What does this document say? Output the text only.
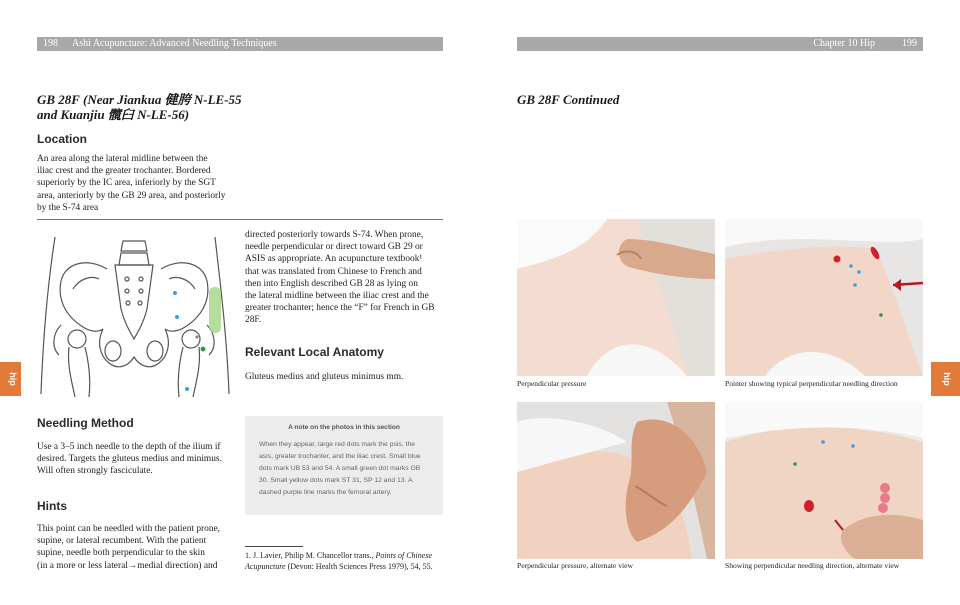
198 Ashi Acupuncture: Advanced Needling Techniques	Chapter 10 Hip	199
GB 28F (Near Jiankua 健胯 N-LE-55
and Kuanjiu 髖臼 N-LE-56)
GB 28F Continued
Location

An area along the lateral midline between the

iliac crest and the greater trochanter. Bordered

superiorly by the IC area, inferiorly by the SGT

area, anteriorly by the GB 29 area, and posteriorly

by the S-74 area

directed posteriorly towards S-74. When prone,

needle perpendicular or direct toward GB 29 or

ASIS as appropriate. An acupuncture textbook¹

that was translated from Chinese to French and

then into English described GB 28 as lying on

the lateral midline between the iliac crest and the

greater trochanter; hence the “F” for French in GB

28F.

Relevant Local Anatomy

Gluteus medius and gluteus minimus mm.

Needling Method

Use a 3–5 inch needle to the depth of the ilium if

desired. Targets the gluteus medius and minimus.

Will often strongly fasciculate.

Hints

This point can be needled with the patient prone,

supine, or lateral recumbent. With the patient

supine, needle both perpendicular to the skin

(in a more or less lateral→medial direction) and

A note on the photos in this section
When they appear, large red dots mark the psis, the
asis, greater trochanter, and the iliac crest. Small blue
dots mark UB 53 and 54. A small green dot marks GB
30. Small yellow dots mark ST 31, SP 12 and 13. A
dashed purple line marks the femoral artery.
1. J. Lavier, Philip M. Chancellor trans., Points of Chinese
Acupuncture (Devon: Health Sciences Press 1979), 54, 55.
hip	hip
Perpendicular pressure	Pointer showing typical perpendicular needling direction
Perpendicular pressure, alternate view	Showing perpendicular needling direction, alternate view
